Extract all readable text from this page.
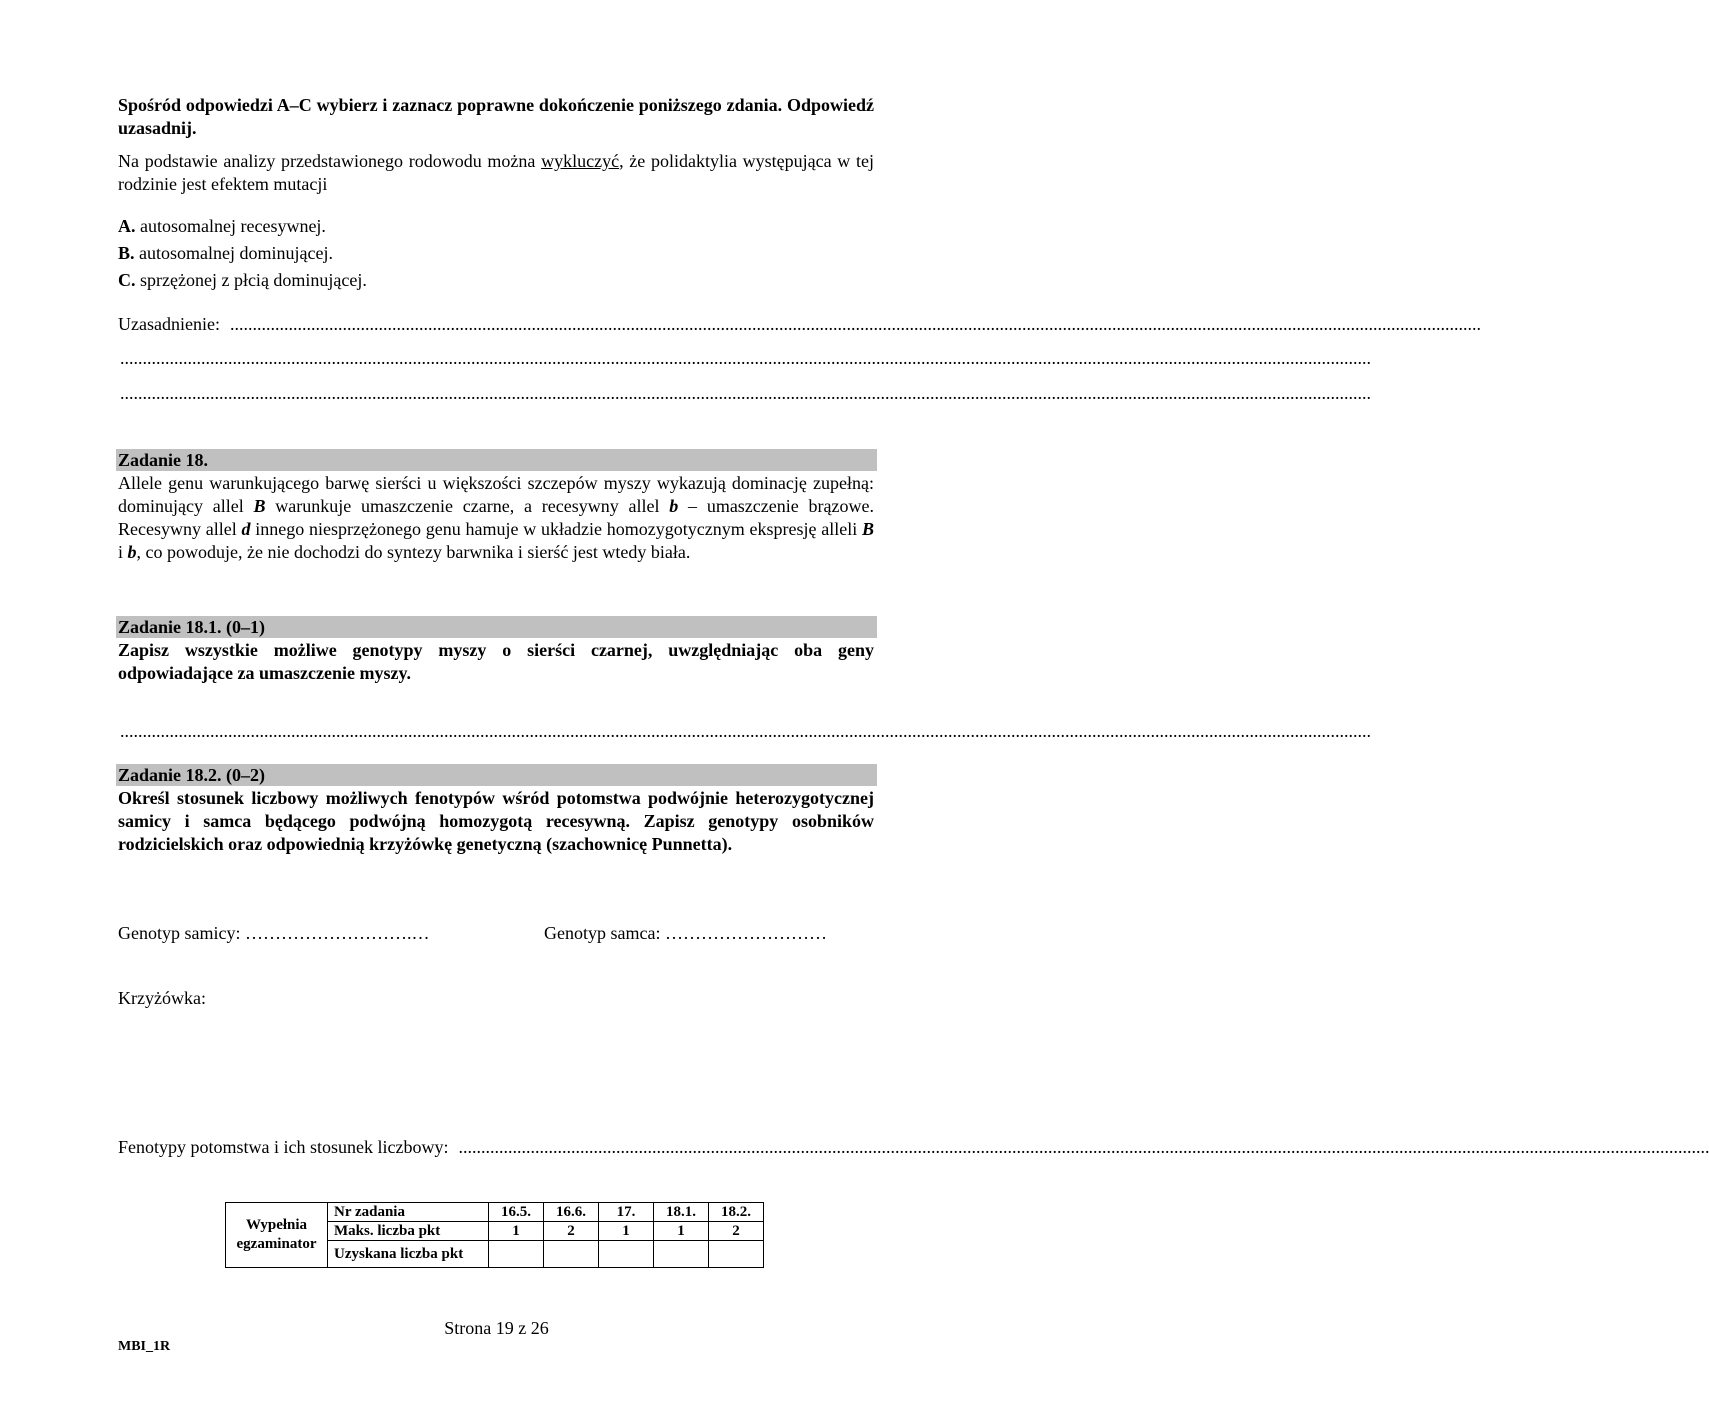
Spośród odpowiedzi A–C wybierz i zaznacz poprawne dokończenie poniższego zdania. Odpowiedź uzasadnij.
Na podstawie analizy przedstawionego rodowodu można wykluczyć, że polidaktylia występująca w tej rodzinie jest efektem mutacji
A. autosomalnej recesywnej.
B. autosomalnej dominującej.
C. sprzężonej z płcią dominującej.
Uzasadnienie: ......................................................................................................................................................................................................................................................................................
......................................................................................................................................................................................................................................................................................
......................................................................................................................................................................................................................................................................................
Zadanie 18.
Allele genu warunkującego barwę sierści u większości szczepów myszy wykazują dominację zupełną: dominujący allel B warunkuje umaszczenie czarne, a recesywny allel b – umaszczenie brązowe. Recesywny allel d innego niesprzężonego genu hamuje w układzie homozygotycznym ekspresję alleli B i b, co powoduje, że nie dochodzi do syntezy barwnika i sierść jest wtedy biała.
Zadanie 18.1. (0–1)
Zapisz wszystkie możliwe genotypy myszy o sierści czarnej, uwzględniając oba geny odpowiadające za umaszczenie myszy.
......................................................................................................................................................................................................................................................................................
Zadanie 18.2. (0–2)
Określ stosunek liczbowy możliwych fenotypów wśród potomstwa podwójnie heterozygotycznej samicy i samca będącego podwójną homozygotą recesywną. Zapisz genotypy osobników rodzicielskich oraz odpowiednią krzyżówkę genetyczną (szachownicę Punnetta).
Genotyp samicy: ……………………….…	Genotyp samca: ………………………
Krzyżówka:
Fenotypy potomstwa i ich stosunek liczbowy: ......................................................................................................................................................................................................................................................................................
Wypełnia egzaminator	Nr zadania	16.5.	16.6.	17.	18.1.	18.2.
	Maks. liczba pkt	1	2	1	1	2
	Uzyskana liczba pkt					
Strona 19 z 26
MBI_1R
